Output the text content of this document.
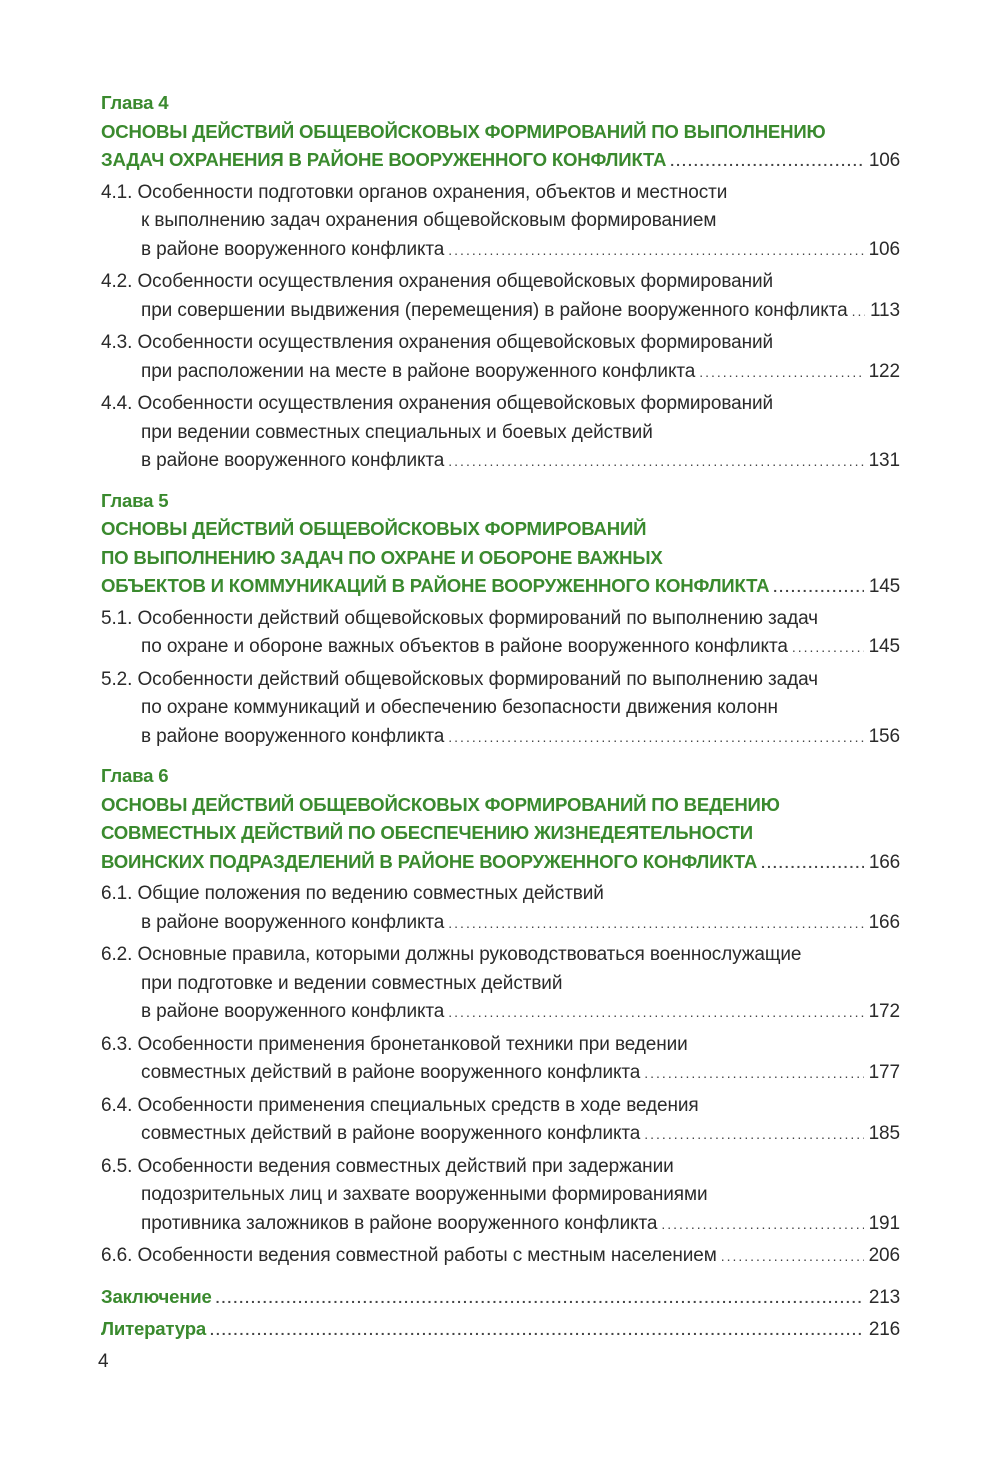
Глава 4
ОСНОВЫ ДЕЙСТВИЙ ОБЩЕВОЙСКОВЫХ ФОРМИРОВАНИЙ ПО ВЫПОЛНЕНИЮ
ЗАДАЧ ОХРАНЕНИЯ В РАЙОНЕ ВООРУЖЕННОГО КОНФЛИКТА .....	106
4.1. Особенности подготовки органов охранения, объектов и местности
к выполнению задач охранения общевойсковым формированием
в районе вооруженного конфликта .....	106
4.2. Особенности осуществления охранения общевойсковых формирований
при совершении выдвижения (перемещения) в районе вооруженного конфликта ..... 113
4.3. Особенности осуществления охранения общевойсковых формирований
при расположении на месте в районе вооруженного конфликта .....	122
4.4. Особенности осуществления охранения общевойсковых формирований
при ведении совместных специальных и боевых действий
в районе вооруженного конфликта .....	131
Глава 5
ОСНОВЫ ДЕЙСТВИЙ ОБЩЕВОЙСКОВЫХ ФОРМИРОВАНИЙ
ПО ВЫПОЛНЕНИЮ ЗАДАЧ ПО ОХРАНЕ И ОБОРОНЕ ВАЖНЫХ
ОБЪЕКТОВ И КОММУНИКАЦИЙ В РАЙОНЕ ВООРУЖЕННОГО КОНФЛИКТА .....	145
5.1. Особенности действий общевойсковых формирований по выполнению задач
по охране и обороне важных объектов в районе вооруженного конфликта .....	145
5.2. Особенности действий общевойсковых формирований по выполнению задач
по охране коммуникаций и обеспечению безопасности движения колонн
в районе вооруженного конфликта .....	156
Глава 6
ОСНОВЫ ДЕЙСТВИЙ ОБЩЕВОЙСКОВЫХ ФОРМИРОВАНИЙ ПО ВЕДЕНИЮ
СОВМЕСТНЫХ ДЕЙСТВИЙ ПО ОБЕСПЕЧЕНИЮ ЖИЗНЕДЕЯТЕЛЬНОСТИ
ВОИНСКИХ ПОДРАЗДЕЛЕНИЙ В РАЙОНЕ ВООРУЖЕННОГО КОНФЛИКТА .....	166
6.1. Общие положения по ведению совместных действий
в районе вооруженного конфликта .....	166
6.2. Основные правила, которыми должны руководствоваться военнослужащие
при подготовке и ведении совместных действий
в районе вооруженного конфликта .....	172
6.3. Особенности применения бронетанковой техники при ведении
совместных действий в районе вооруженного конфликта .....	177
6.4. Особенности применения специальных средств в ходе ведения
совместных действий в районе вооруженного конфликта .....	185
6.5. Особенности ведения совместных действий при задержании
подозрительных лиц и захвате вооруженными формированиями
противника заложников в районе вооруженного конфликта .....	191
6.6. Особенности ведения совместной работы с местным населением .....	206
Заключение .....	213
Литература .....	216
4
